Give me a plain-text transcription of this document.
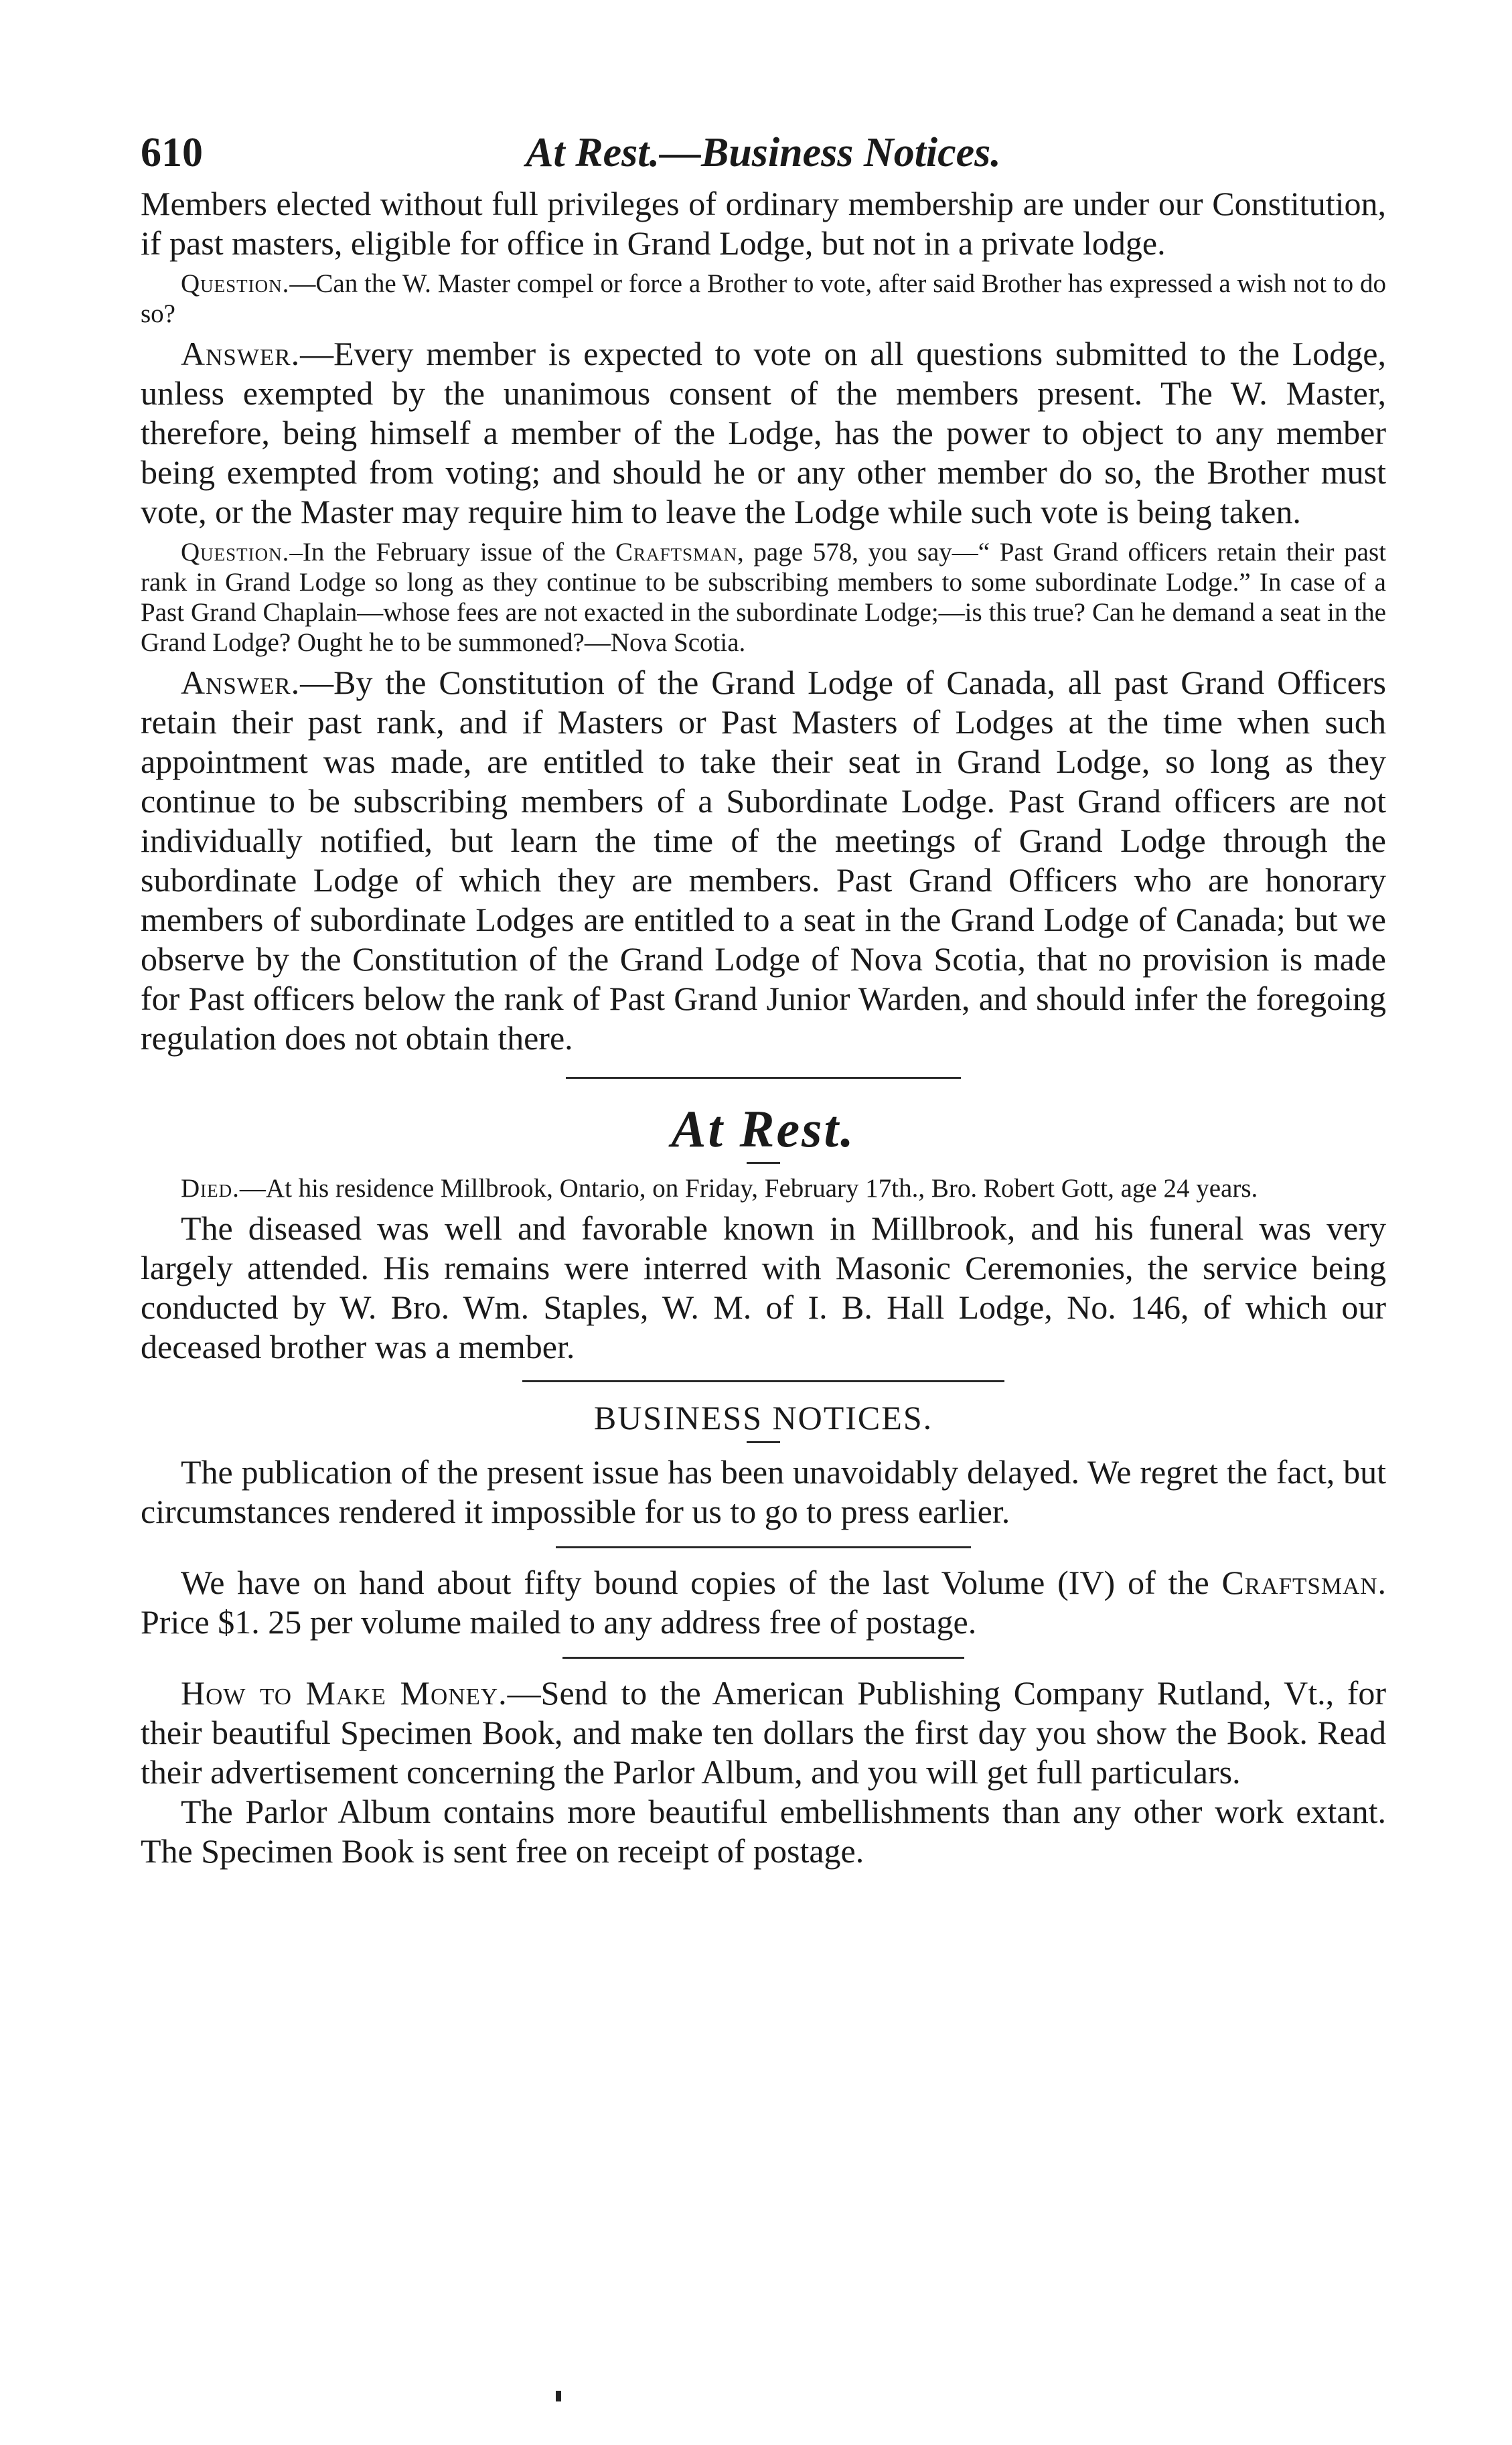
610	At Rest.—Business Notices.

Members elected without full privileges of ordinary membership are under our Constitution, if past masters, eligible for office in Grand Lodge, but not in a private lodge.

Question.—Can the W. Master compel or force a Brother to vote, after said Brother has expressed a wish not to do so?

Answer.—Every member is expected to vote on all questions submitted to the Lodge, unless exempted by the unanimous consent of the members present. The W. Master, therefore, being himself a member of the Lodge, has the power to object to any member being exempted from voting; and should he or any other member do so, the Brother must vote, or the Master may require him to leave the Lodge while such vote is being taken.

Question.–In the February issue of the Craftsman, page 578, you say—“ Past Grand officers retain their past rank in Grand Lodge so long as they continue to be subscribing members to some subordinate Lodge.” In case of a Past Grand Chaplain—whose fees are not exacted in the subordinate Lodge;—is this true? Can he demand a seat in the Grand Lodge? Ought he to be summoned?—Nova Scotia.

Answer.—By the Constitution of the Grand Lodge of Canada, all past Grand Officers retain their past rank, and if Masters or Past Masters of Lodges at the time when such appointment was made, are entitled to take their seat in Grand Lodge, so long as they continue to be subscribing members of a Subordinate Lodge. Past Grand officers are not individually notified, but learn the time of the meetings of Grand Lodge through the subordinate Lodge of which they are members. Past Grand Officers who are honorary members of subordinate Lodges are entitled to a seat in the Grand Lodge of Canada; but we observe by the Constitution of the Grand Lodge of Nova Scotia, that no provision is made for Past officers below the rank of Past Grand Junior Warden, and should infer the foregoing regulation does not obtain there.

At Rest.

Died.—At his residence Millbrook, Ontario, on Friday, February 17th., Bro. Robert Gott, age 24 years.

The diseased was well and favorable known in Millbrook, and his funeral was very largely attended. His remains were interred with Masonic Ceremonies, the service being conducted by W. Bro. Wm. Staples, W. M. of I. B. Hall Lodge, No. 146, of which our deceased brother was a member.

BUSINESS NOTICES.

The publication of the present issue has been unavoidably delayed. We regret the fact, but circumstances rendered it impossible for us to go to press earlier.

We have on hand about fifty bound copies of the last Volume (IV) of the Craftsman. Price $1. 25 per volume mailed to any address free of postage.

How to Make Money.—Send to the American Publishing Company Rutland, Vt., for their beautiful Specimen Book, and make ten dollars the first day you show the Book. Read their advertisement concerning the Parlor Album, and you will get full particulars.

The Parlor Album contains more beautiful embellishments than any other work extant. The Specimen Book is sent free on receipt of postage.
